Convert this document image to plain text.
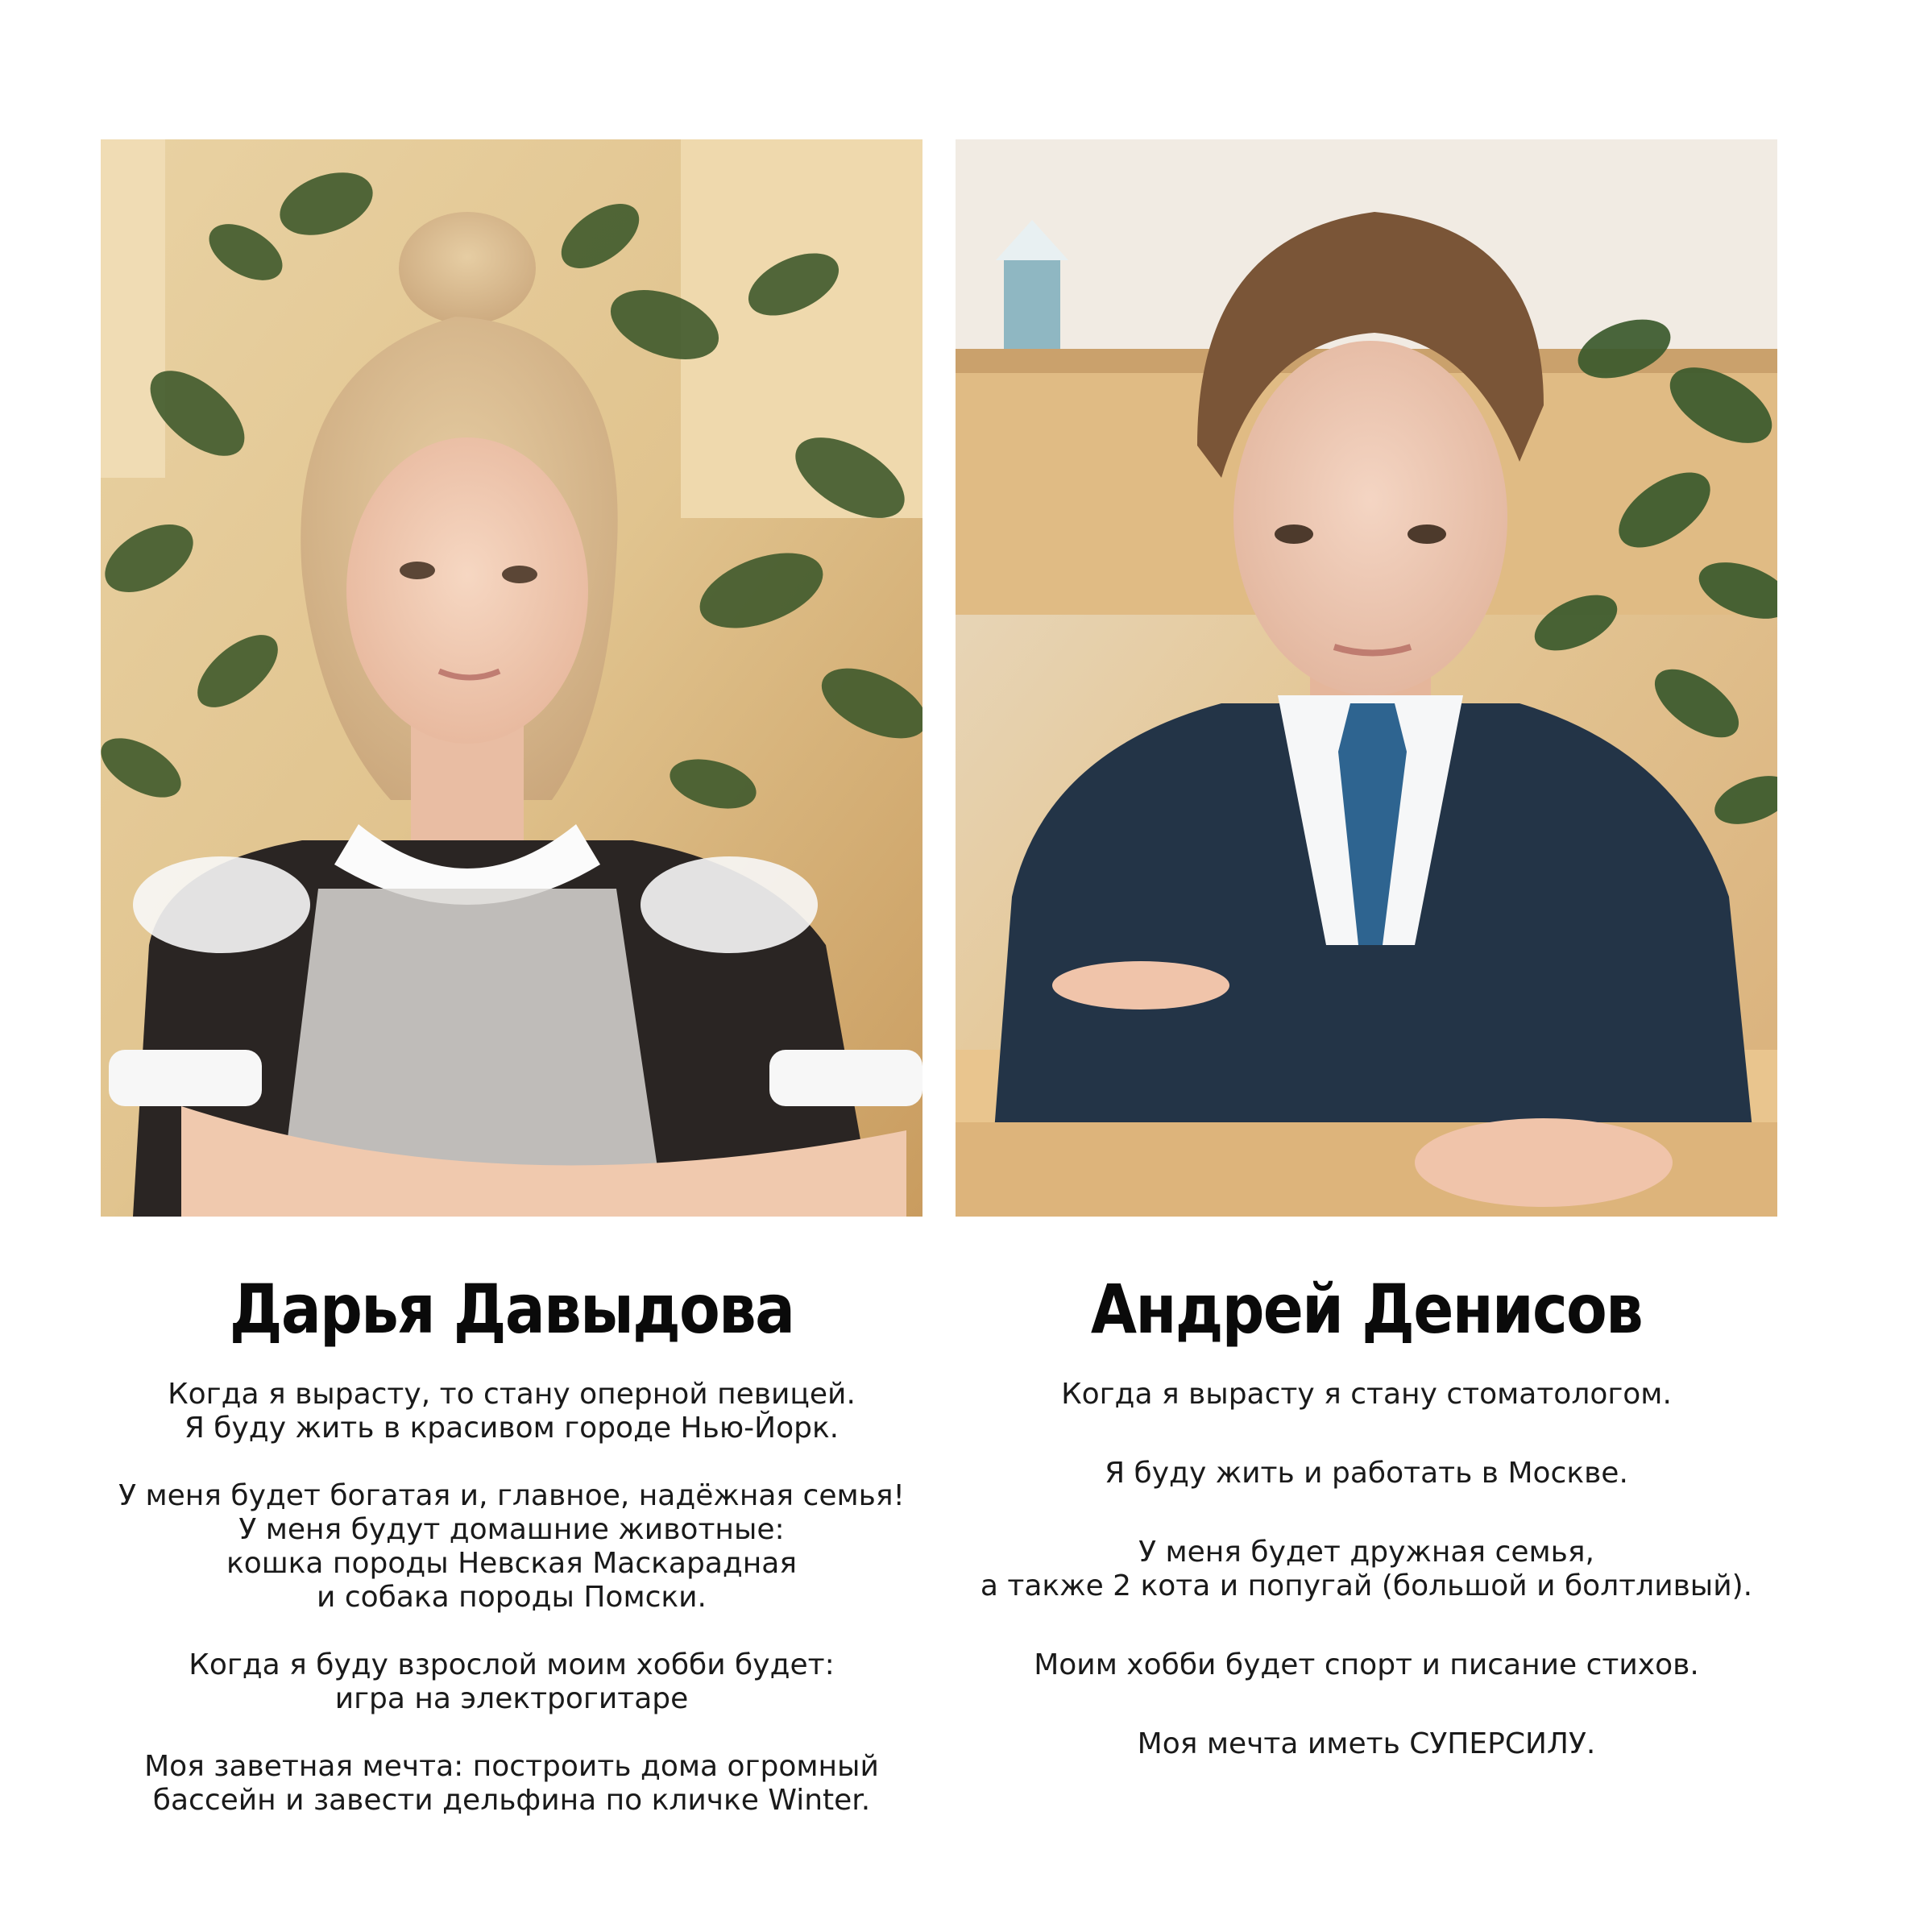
Дарья Давыдова

Когда я вырасту, то стану оперной певицей.
Я буду жить в красивом городе Нью-Йорк.

У меня будет богатая и, главное, надёжная семья!
У меня будут домашние животные:
кошка породы Невская Маскарадная
и собака породы Помски.

Когда я буду взрослой моим хобби будет:
игра на электрогитаре

Моя заветная мечта: построить дома огромный
бассейн и завести дельфина по кличке Winter.

Андрей Денисов

Когда я вырасту я стану стоматологом.

Я буду жить и работать в Москве.

У меня будет дружная семья,
а также 2 кота и попугай (большой и болтливый).

Моим хобби будет спорт и писание стихов.

Моя мечта иметь СУПЕРСИЛУ.
